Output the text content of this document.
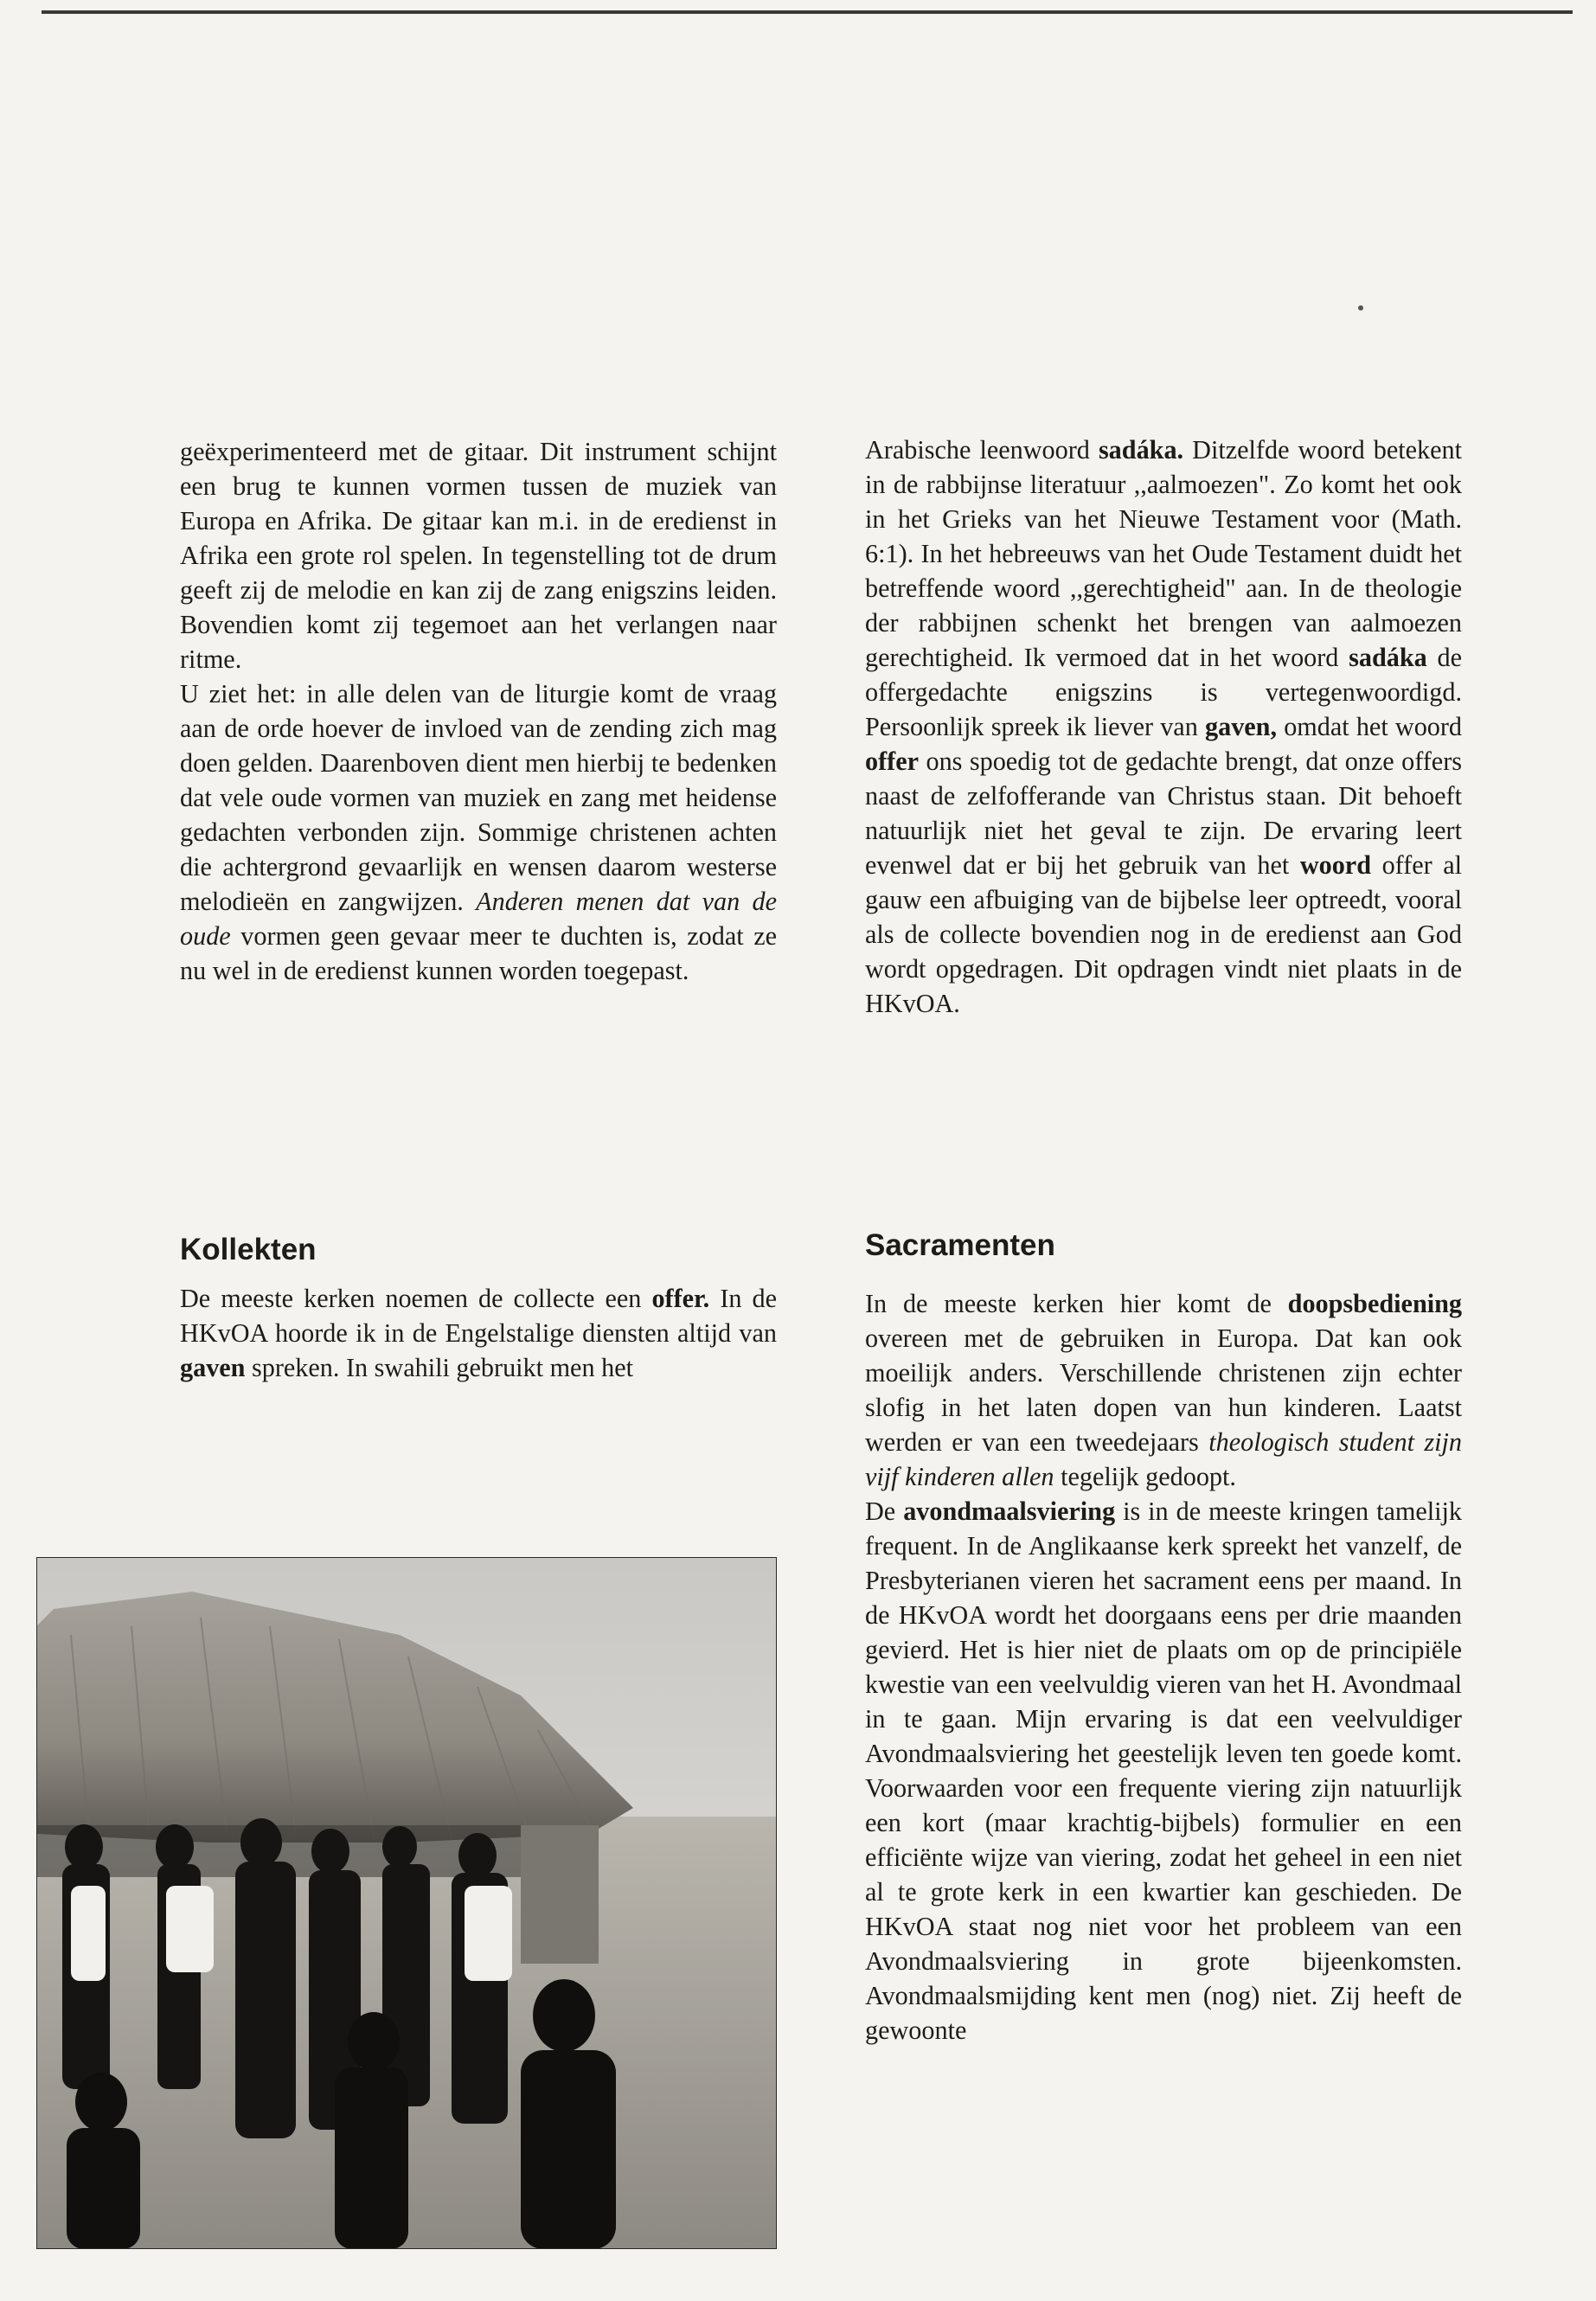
geëxperimenteerd met de gitaar. Dit instrument schijnt een brug te kunnen vormen tussen de muziek van Europa en Afrika. De gitaar kan m.i. in de eredienst in Afrika een grote rol spelen. In tegenstelling tot de drum geeft zij de melodie en kan zij de zang enigszins leiden. Bovendien komt zij tegemoet aan het verlangen naar ritme.

U ziet het: in alle delen van de liturgie komt de vraag aan de orde hoever de invloed van de zending zich mag doen gelden. Daarenboven dient men hierbij te bedenken dat vele oude vormen van muziek en zang met heidense gedachten verbonden zijn. Sommige christenen achten die achtergrond gevaarlijk en wensen daarom westerse melodieën en zangwijzen. Anderen menen dat van de oude vormen geen gevaar meer te duchten is, zodat ze nu wel in de eredienst kunnen worden toegepast.

Kollekten

De meeste kerken noemen de collecte een offer. In de HKvOA hoorde ik in de Engelstalige diensten altijd van gaven spreken. In swahili gebruikt men het

Arabische leenwoord sadáka. Ditzelfde woord betekent in de rabbijnse literatuur ,,aalmoezen". Zo komt het ook in het Grieks van het Nieuwe Testament voor (Math. 6:1). In het hebreeuws van het Oude Testament duidt het betreffende woord ,,gerechtigheid" aan. In de theologie der rabbijnen schenkt het brengen van aalmoezen gerechtigheid. Ik vermoed dat in het woord sadáka de offergedachte enigszins is vertegenwoordigd. Persoonlijk spreek ik liever van gaven, omdat het woord offer ons spoedig tot de gedachte brengt, dat onze offers naast de zelfofferande van Christus staan. Dit behoeft natuurlijk niet het geval te zijn. De ervaring leert evenwel dat er bij het gebruik van het woord offer al gauw een afbuiging van de bijbelse leer optreedt, vooral als de collecte bovendien nog in de eredienst aan God wordt opgedragen. Dit opdragen vindt niet plaats in de HKvOA.

Sacramenten

In de meeste kerken hier komt de doopsbediening overeen met de gebruiken in Europa. Dat kan ook moeilijk anders. Verschillende christenen zijn echter slofig in het laten dopen van hun kinderen. Laatst werden er van een tweedejaars theologisch student zijn vijf kinderen allen tegelijk gedoopt.

De avondmaalsviering is in de meeste kringen tamelijk frequent. In de Anglikaanse kerk spreekt het vanzelf, de Presbyterianen vieren het sacrament eens per maand. In de HKvOA wordt het doorgaans eens per drie maanden gevierd. Het is hier niet de plaats om op de principiële kwestie van een veelvuldig vieren van het H. Avondmaal in te gaan. Mijn ervaring is dat een veelvuldiger Avondmaalsviering het geestelijk leven ten goede komt. Voorwaarden voor een frequente viering zijn natuurlijk een kort (maar krachtig-bijbels) formulier en een efficiënte wijze van viering, zodat het geheel in een niet al te grote kerk in een kwartier kan geschieden. De HKvOA staat nog niet voor het probleem van een Avondmaalsviering in grote bijeenkomsten. Avondmaalsmijding kent men (nog) niet. Zij heeft de gewoonte
